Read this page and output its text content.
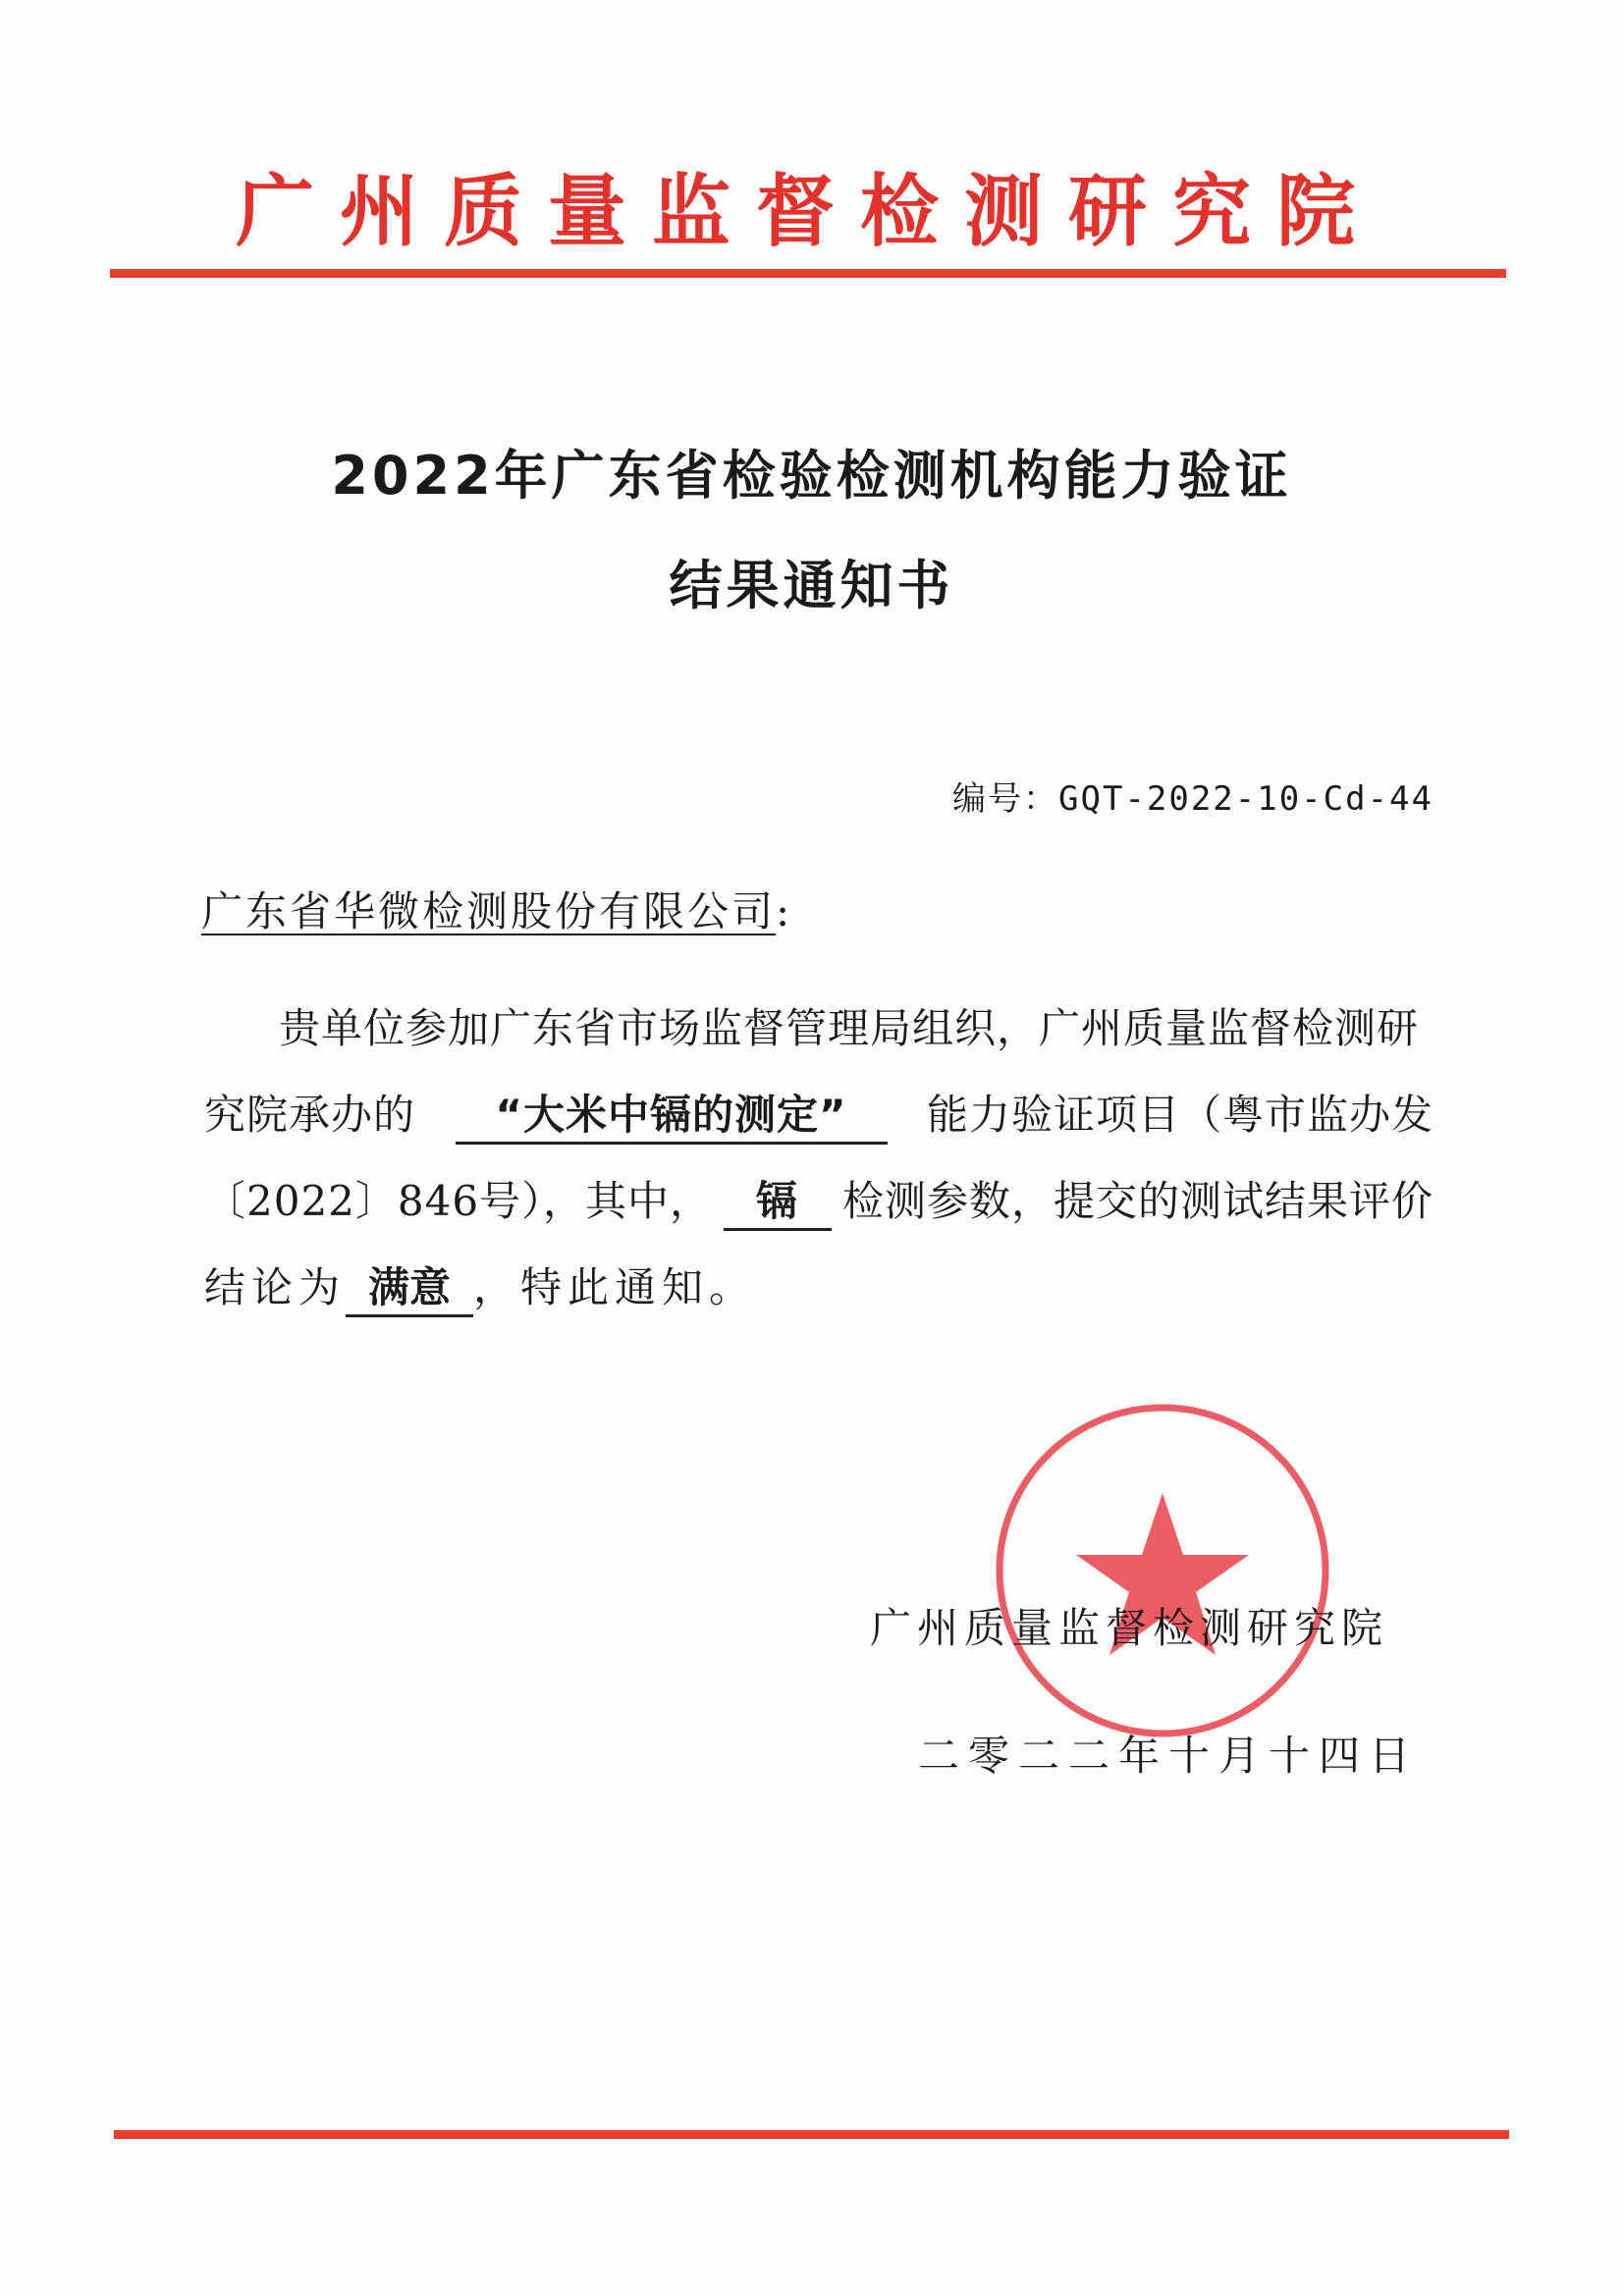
广州质量监督检测研究院
2022年广东省检验检测机构能力验证
结果通知书
编号：GQT-2022-10-Cd-44
广东省华微检测股份有限公司:
贵单位参加广东省市场监督管理局组织，广州质量监督检测研
究院承办的	“大米中镉的测定”	能力验证项目（粤市监办发
〔2022〕846号），其中，	镉	检测参数，提交的测试结果评价
结论为 满意 ，特此通知。
广州质量监督检测研究院
二零二二年十月十四日
